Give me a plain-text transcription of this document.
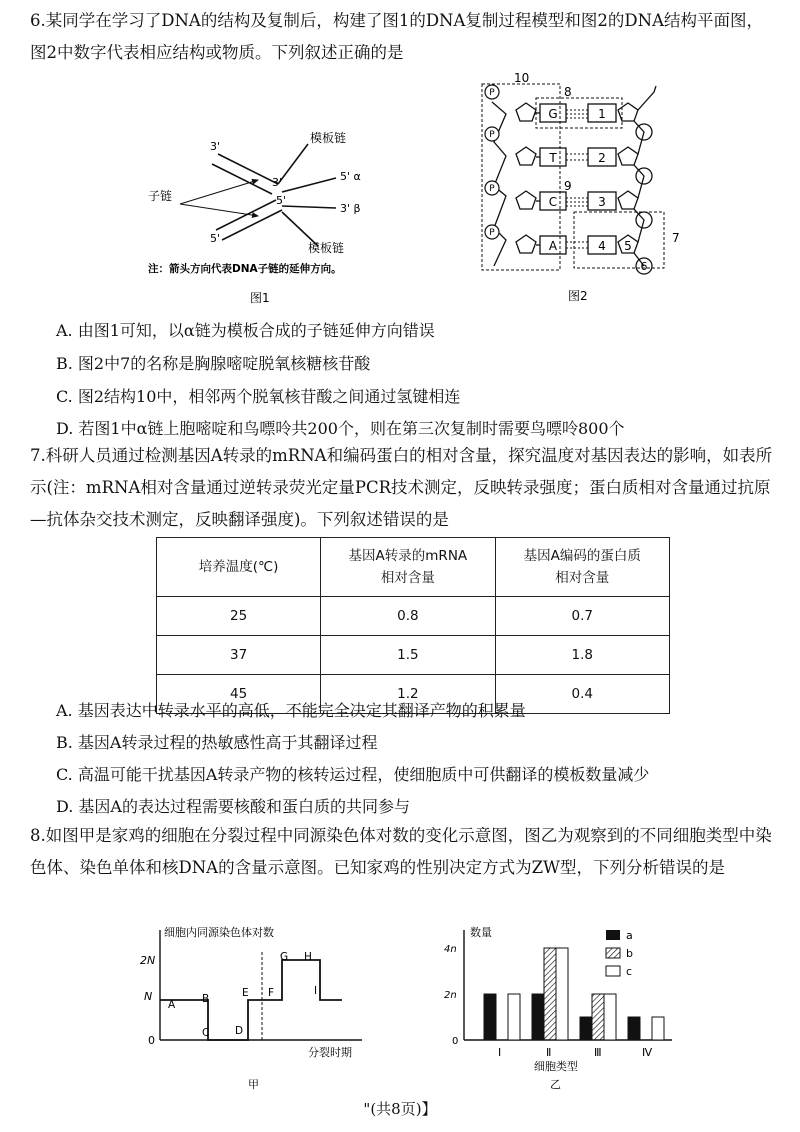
6.某同学在学习了DNA的结构及复制后，构建了图1的DNA复制过程模型和图2的DNA结构平面图，图2中数字代表相应结构或物质。下列叙述正确的是
3'
模板链
3'	5' α
子链	5'
3' β
5'
模板链
注：箭头方向代表DNA子链的延伸方向。
图1
10
P
P
P
P
G
T
C
A
1
2
3
4 5
6
8
9
7
图2
A. 由图1可知，以α链为模板合成的子链延伸方向错误
B. 图2中7的名称是胸腺嘧啶脱氧核糖核苷酸
C. 图2结构10中，相邻两个脱氧核苷酸之间通过氢键相连
D. 若图1中α链上胞嘧啶和鸟嘌呤共200个，则在第三次复制时需要鸟嘌呤800个
7.科研人员通过检测基因A转录的mRNA和编码蛋白的相对含量，探究温度对基因表达的影响，如表所示(注：mRNA相对含量通过逆转录荧光定量PCR技术测定，反映转录强度；蛋白质相对含量通过抗原—抗体杂交技术测定，反映翻译强度)。下列叙述错误的是
培养温度(℃)	基因A转录的mRNA相对含量	基因A编码的蛋白质相对含量
25	0.8	0.7
37	1.5	1.8
45	1.2	0.4
A. 基因表达中转录水平的高低，不能完全决定其翻译产物的积累量
B. 基因A转录过程的热敏感性高于其翻译过程
C. 高温可能干扰基因A转录产物的核转运过程，使细胞质中可供翻译的模板数量减少
D. 基因A的表达过程需要核酸和蛋白质的共同参与
8.如图甲是家鸡的细胞在分裂过程中同源染色体对数的变化示意图，图乙为观察到的不同细胞类型中染色体、染色单体和核DNA的含量示意图。已知家鸡的性别决定方式为ZW型，下列分析错误的是
细胞内同源染色体对数
2N
N
0
A	B
C D
E F
G H
I
分裂时期
甲
数量
4n
2n
0
Ⅰ	Ⅱ	Ⅲ	Ⅳ
a
b
c
细胞类型
乙
"(共8页)】
